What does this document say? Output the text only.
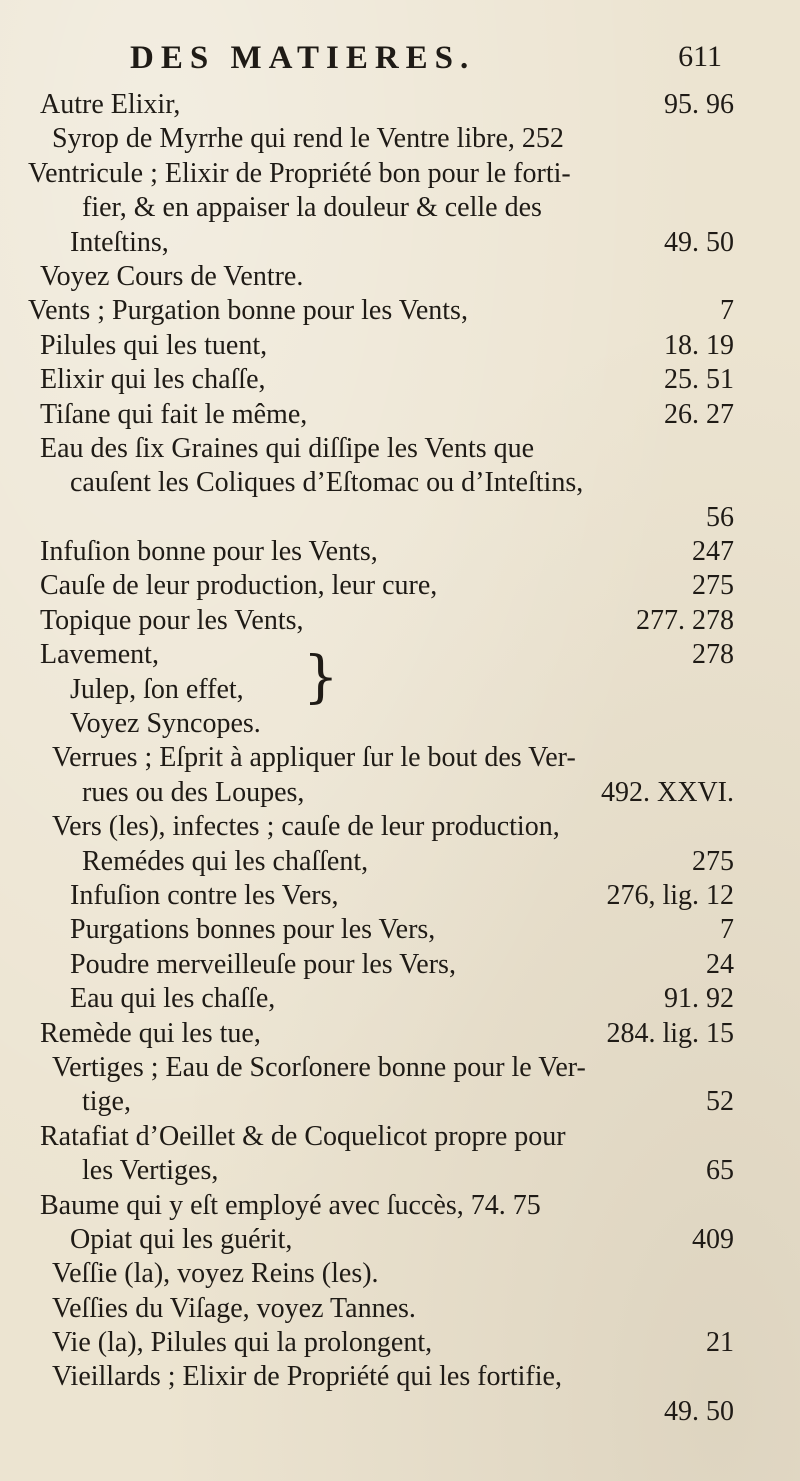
DES MATIERES.	611
Autre Elixir,	95. 96
Syrop de Myrrhe qui rend le Ventre libre, 252
Ventricule ; Elixir de Propriété bon pour le forti-
fier, & en appaiser la douleur & celle des
Inteſtins,	49. 50
Voyez Cours de Ventre.
Vents ; Purgation bonne pour les Vents,	7
Pilules qui les tuent,	18. 19
Elixir qui les chaſſe,	25. 51
Tiſane qui fait le même,	26. 27
Eau des ſix Graines qui diſſipe les Vents que
cauſent les Coliques d’Eſtomac ou d’Inteſtins,
56
Infuſion bonne pour les Vents,	247
Cauſe de leur production, leur cure,	275
Topique pour les Vents,	277. 278
Lavement,	278
Julep, ſon effet,
Voyez Syncopes.
Verrues ; Eſprit à appliquer ſur le bout des Ver-
rues ou des Loupes,	492. XXVI.
Vers (les), infectes ; cauſe de leur production,
Remédes qui les chaſſent,	275
Infuſion contre les Vers,	276, lig. 12
Purgations bonnes pour les Vers,	7
Poudre merveilleuſe pour les Vers,	24
Eau qui les chaſſe,	91. 92
Remède qui les tue,	284. lig. 15
Vertiges ; Eau de Scorſonere bonne pour le Ver-
tige,	52
Ratafiat d’Oeillet & de Coquelicot propre pour
les Vertiges,	65
Baume qui y eſt employé avec ſuccès, 74. 75
Opiat qui les guérit,	409
Veſſie (la), voyez Reins (les).
Veſſies du Viſage, voyez Tannes.
Vie (la), Pilules qui la prolongent,	21
Vieillards ; Elixir de Propriété qui les fortifie,
49. 50
}
